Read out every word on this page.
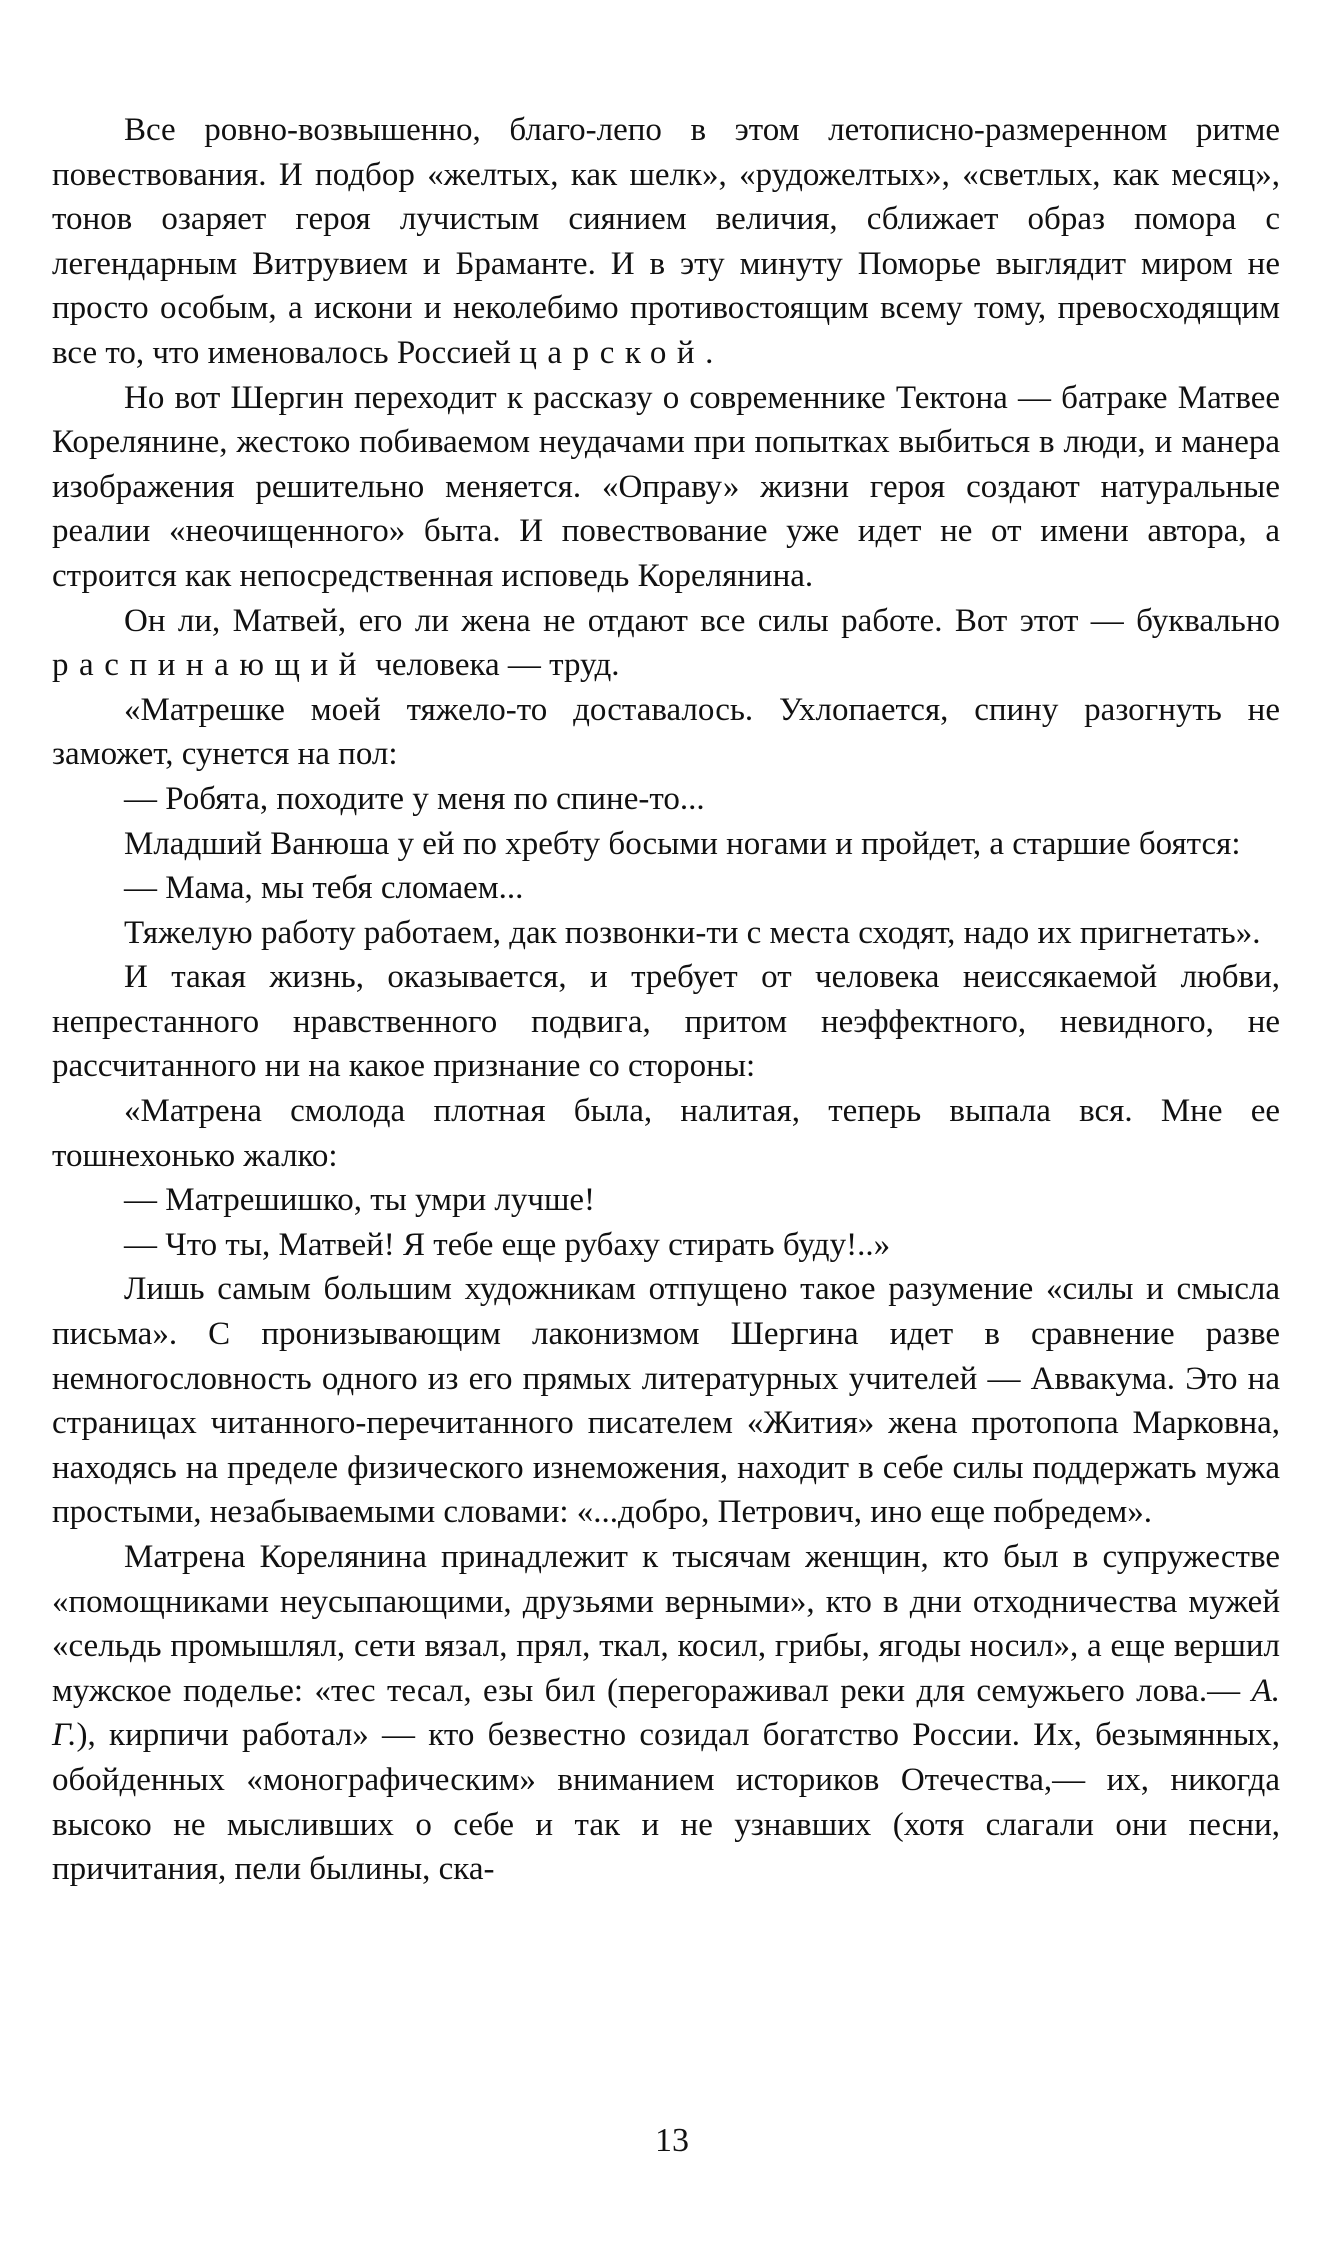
Все ровно-возвышенно, благо-лепо в этом летописно-размеренном ритме повествования. И подбор «желтых, как шелк», «рудожелтых», «светлых, как месяц», тонов озаряет героя лучистым сиянием величия, сближает образ помора с легендарным Витрувием и Браманте. И в эту минуту Поморье выглядит миром не просто особым, а искони и неколебимо противостоящим всему тому, превосходящим все то, что именовалось Россией царской.

Но вот Шергин переходит к рассказу о современнике Тектона — батраке Матвее Корелянине, жестоко побиваемом неудачами при попытках выбиться в люди, и манера изображения решительно меняется. «Оправу» жизни героя создают натуральные реалии «неочищенного» быта. И повествование уже идет не от имени автора, а строится как непосредственная исповедь Корелянина.

Он ли, Матвей, его ли жена не отдают все силы работе. Вот этот — буквально распинающий человека — труд.

«Матрешке моей тяжело-то доставалось. Ухлопается, спину разогнуть не заможет, сунется на пол:

— Робята, походите у меня по спине-то...

Младший Ванюша у ей по хребту босыми ногами и пройдет, а старшие боятся:

— Мама, мы тебя сломаем...

Тяжелую работу работаем, дак позвонки-ти с места сходят, надо их пригнетать».

И такая жизнь, оказывается, и требует от человека неиссякаемой любви, непрестанного нравственного подвига, притом неэффектного, невидного, не рассчитанного ни на какое признание со стороны:

«Матрена смолода плотная была, налитая, теперь выпала вся. Мне ее тошнехонько жалко:

— Матрешишко, ты умри лучше!

— Что ты, Матвей! Я тебе еще рубаху стирать буду!..»

Лишь самым большим художникам отпущено такое разумение «силы и смысла письма». С пронизывающим лаконизмом Шергина идет в сравнение разве немногословность одного из его прямых литературных учителей — Аввакума. Это на страницах читанного-перечитанного писателем «Жития» жена протопопа Марковна, находясь на пределе физического изнеможения, находит в себе силы поддержать мужа простыми, незабываемыми словами: «...добро, Петрович, ино еще побредем».

Матрена Корелянина принадлежит к тысячам женщин, кто был в супружестве «помощниками неусыпающими, друзьями верными», кто в дни отходничества мужей «сельдь промышлял, сети вязал, прял, ткал, косил, грибы, ягоды носил», а еще вершил мужское поделье: «тес тесал, езы бил (перегораживал реки для семужьего лова.— А. Г.), кирпичи работал» — кто безвестно созидал богатство России. Их, безымянных, обойденных «монографическим» вниманием историков Отечества,— их, никогда высоко не мысливших о себе и так и не узнавших (хотя слагали они песни, причитания, пели былины, ска-

13
